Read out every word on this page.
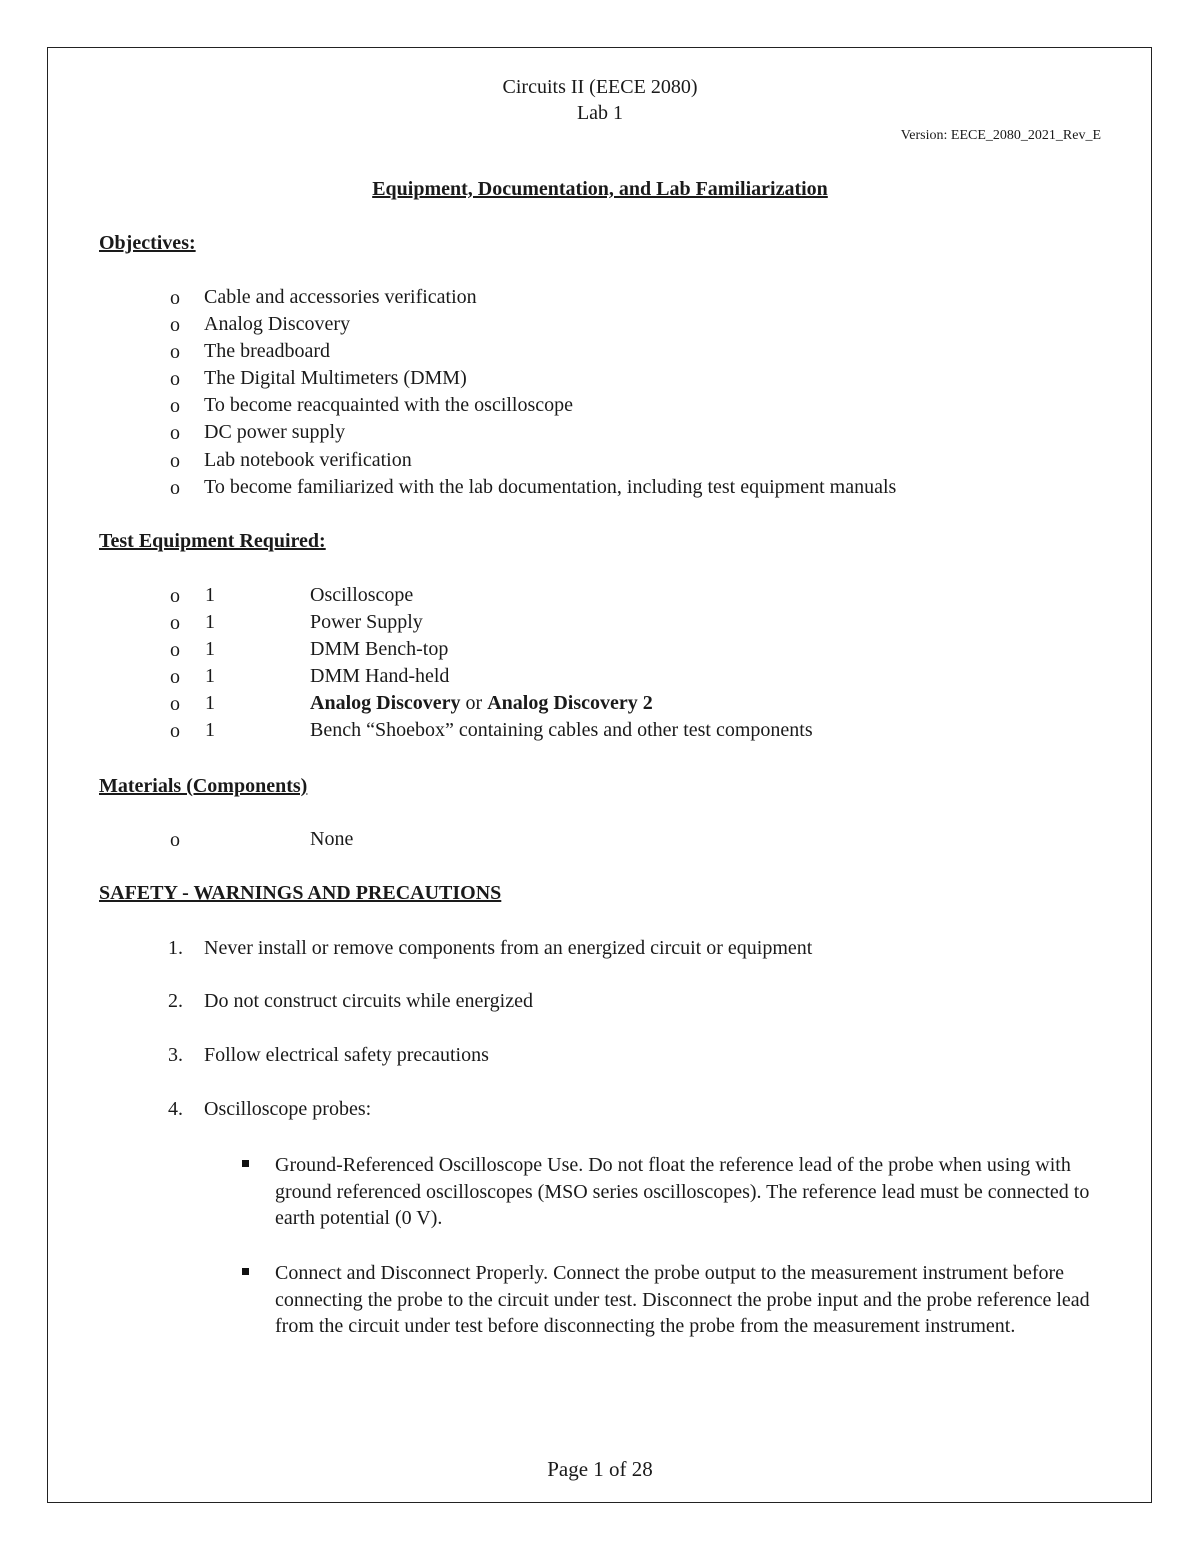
Circuits II (EECE 2080)
Lab 1
Version: EECE_2080_2021_Rev_E
Equipment, Documentation, and Lab Familiarization
Objectives:
o Cable and accessories verification
o Analog Discovery
o The breadboard
o The Digital Multimeters (DMM)
o To become reacquainted with the oscilloscope
o DC power supply
o Lab notebook verification
o To become familiarized with the lab documentation, including test equipment manuals
Test Equipment Required:
o 1	Oscilloscope
o 1	Power Supply
o 1	DMM Bench-top
o 1	DMM Hand-held
o 1	Analog Discovery or Analog Discovery 2
o 1	Bench “Shoebox” containing cables and other test components
Materials (Components)
o	None
SAFETY - WARNINGS AND PRECAUTIONS
1. Never install or remove components from an energized circuit or equipment
2. Do not construct circuits while energized
3. Follow electrical safety precautions
4. Oscilloscope probes:
Ground-Referenced Oscilloscope Use. Do not float the reference lead of the probe when using with ground referenced oscilloscopes (MSO series oscilloscopes). The reference lead must be connected to earth potential (0 V).
Connect and Disconnect Properly. Connect the probe output to the measurement instrument before connecting the probe to the circuit under test. Disconnect the probe input and the probe reference lead from the circuit under test before disconnecting the probe from the measurement instrument.
Page 1 of 28
